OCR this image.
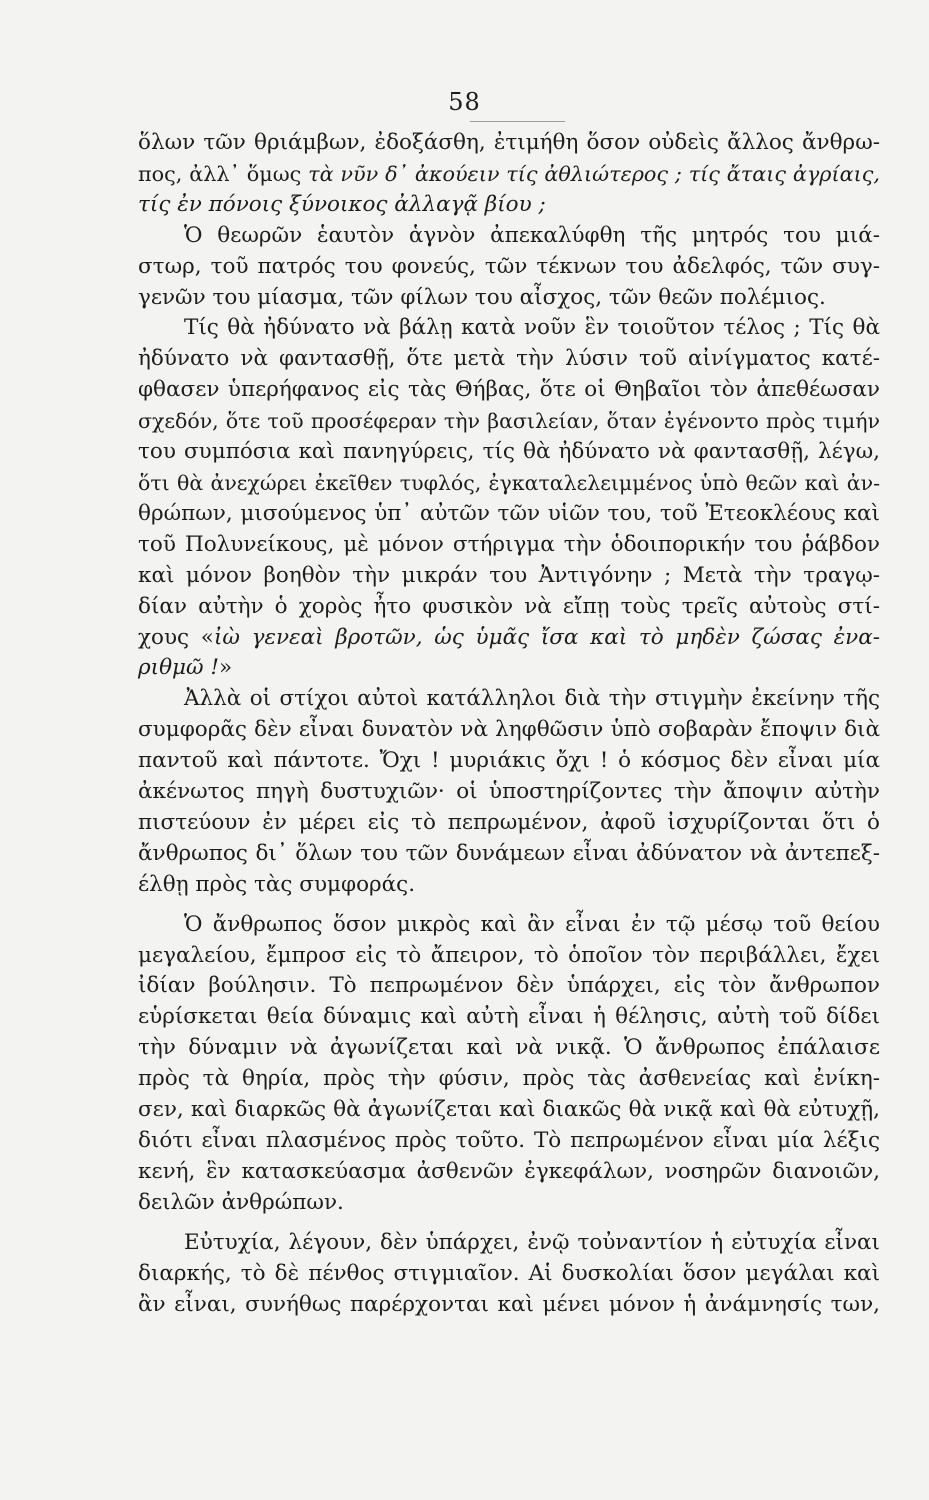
58
ὅλων τῶν θριάμβων, ἐδοξάσθη, ἐτιμήθη ὅσον οὐδεὶς ἄλλος ἄνθρω-
πος, ἀλλ᾽ ὅμως τὰ νῦν δ᾽ ἀκούειν τίς ἀθλιώτερος ; τίς ἄταις ἀγρίαις,
τίς ἐν πόνοις ξύνοικος ἀλλαγᾷ βίου ;
Ὁ θεωρῶν ἑαυτὸν ἁγνὸν ἀπεκαλύφθη τῆς μητρός του μιά-
στωρ, τοῦ πατρός του φονεύς, τῶν τέκνων του ἀδελφός, τῶν συγ-
γενῶν του μίασμα, τῶν φίλων του αἶσχος, τῶν θεῶν πολέμιος.
Τίς θὰ ἠδύνατο νὰ βάλῃ κατὰ νοῦν ἓν τοιοῦτον τέλος ; Τίς θὰ
ἠδύνατο νὰ φαντασθῇ, ὅτε μετὰ τὴν λύσιν τοῦ αἰνίγματος κατέ-
φθασεν ὑπερήφανος εἰς τὰς Θήβας, ὅτε οἱ Θηβαῖοι τὸν ἀπεθέωσαν
σχεδόν, ὅτε τοῦ προσέφεραν τὴν βασιλείαν, ὅταν ἐγένοντο πρὸς τιμήν
του συμπόσια καὶ πανηγύρεις, τίς θὰ ἠδύνατο νὰ φαντασθῇ, λέγω,
ὅτι θὰ ἀνεχώρει ἐκεῖθεν τυφλός, ἐγκαταλελειμμένος ὑπὸ θεῶν καὶ ἀν-
θρώπων, μισούμενος ὑπ᾽ αὐτῶν τῶν υἱῶν του, τοῦ Ἐτεοκλέους καὶ
τοῦ Πολυνείκους, μὲ μόνον στήριγμα τὴν ὁδοιπορικήν του ῥάβδον
καὶ μόνον βοηθὸν τὴν μικράν του Ἀντιγόνην ; Μετὰ τὴν τραγῳ-
δίαν αὐτὴν ὁ χορὸς ἦτο φυσικὸν νὰ εἴπῃ τοὺς τρεῖς αὐτοὺς στί-
χους «ἰὼ γενεαὶ βροτῶν, ὡς ὑμᾶς ἴσα καὶ τὸ μηδὲν ζώσας ἐνα-
ριθμῶ !»
Ἀλλὰ οἱ στίχοι αὐτοὶ κατάλληλοι διὰ τὴν στιγμὴν ἐκείνην τῆς
συμφορᾶς δὲν εἶναι δυνατὸν νὰ ληφθῶσιν ὑπὸ σοβαρὰν ἔποψιν διὰ
παντοῦ καὶ πάντοτε. Ὄχι ! μυριάκις ὄχι ! ὁ κόσμος δὲν εἶναι μία
ἀκένωτος πηγὴ δυστυχιῶν· οἱ ὑποστηρίζοντες τὴν ἄποψιν αὐτὴν
πιστεύουν ἐν μέρει εἰς τὸ πεπρωμένον, ἀφοῦ ἰσχυρίζονται ὅτι ὁ
ἄνθρωπος δι᾽ ὅλων του τῶν δυνάμεων εἶναι ἀδύνατον νὰ ἀντεπεξ-
έλθῃ πρὸς τὰς συμφοράς.
Ὁ ἄνθρωπος ὅσον μικρὸς καὶ ἂν εἶναι ἐν τῷ μέσῳ τοῦ θείου
μεγαλείου, ἔμπροσ εἰς τὸ ἄπειρον, τὸ ὁποῖον τὸν περιβάλλει, ἔχει
ἰδίαν βούλησιν. Τὸ πεπρωμένον δὲν ὑπάρχει, εἰς τὸν ἄνθρωπον
εὑρίσκεται θεία δύναμις καὶ αὐτὴ εἶναι ἡ θέλησις, αὐτὴ τοῦ δίδει
τὴν δύναμιν νὰ ἀγωνίζεται καὶ νὰ νικᾷ. Ὁ ἄνθρωπος ἐπάλαισε
πρὸς τὰ θηρία, πρὸς τὴν φύσιν, πρὸς τὰς ἀσθενείας καὶ ἐνίκη-
σεν, καὶ διαρκῶς θὰ ἀγωνίζεται καὶ διακῶς θὰ νικᾷ καὶ θὰ εὐτυχῇ,
διότι εἶναι πλασμένος πρὸς τοῦτο. Τὸ πεπρωμένον εἶναι μία λέξις
κενή, ἓν κατασκεύασμα ἀσθενῶν ἐγκεφάλων, νοσηρῶν διανοιῶν,
δειλῶν ἀνθρώπων.
Εὐτυχία, λέγουν, δὲν ὑπάρχει, ἐνῷ τοὐναντίον ἡ εὐτυχία εἶναι
διαρκής, τὸ δὲ πένθος στιγμιαῖον. Αἱ δυσκολίαι ὅσον μεγάλαι καὶ
ἂν εἶναι, συνήθως παρέρχονται καὶ μένει μόνον ἡ ἀνάμνησίς των,
